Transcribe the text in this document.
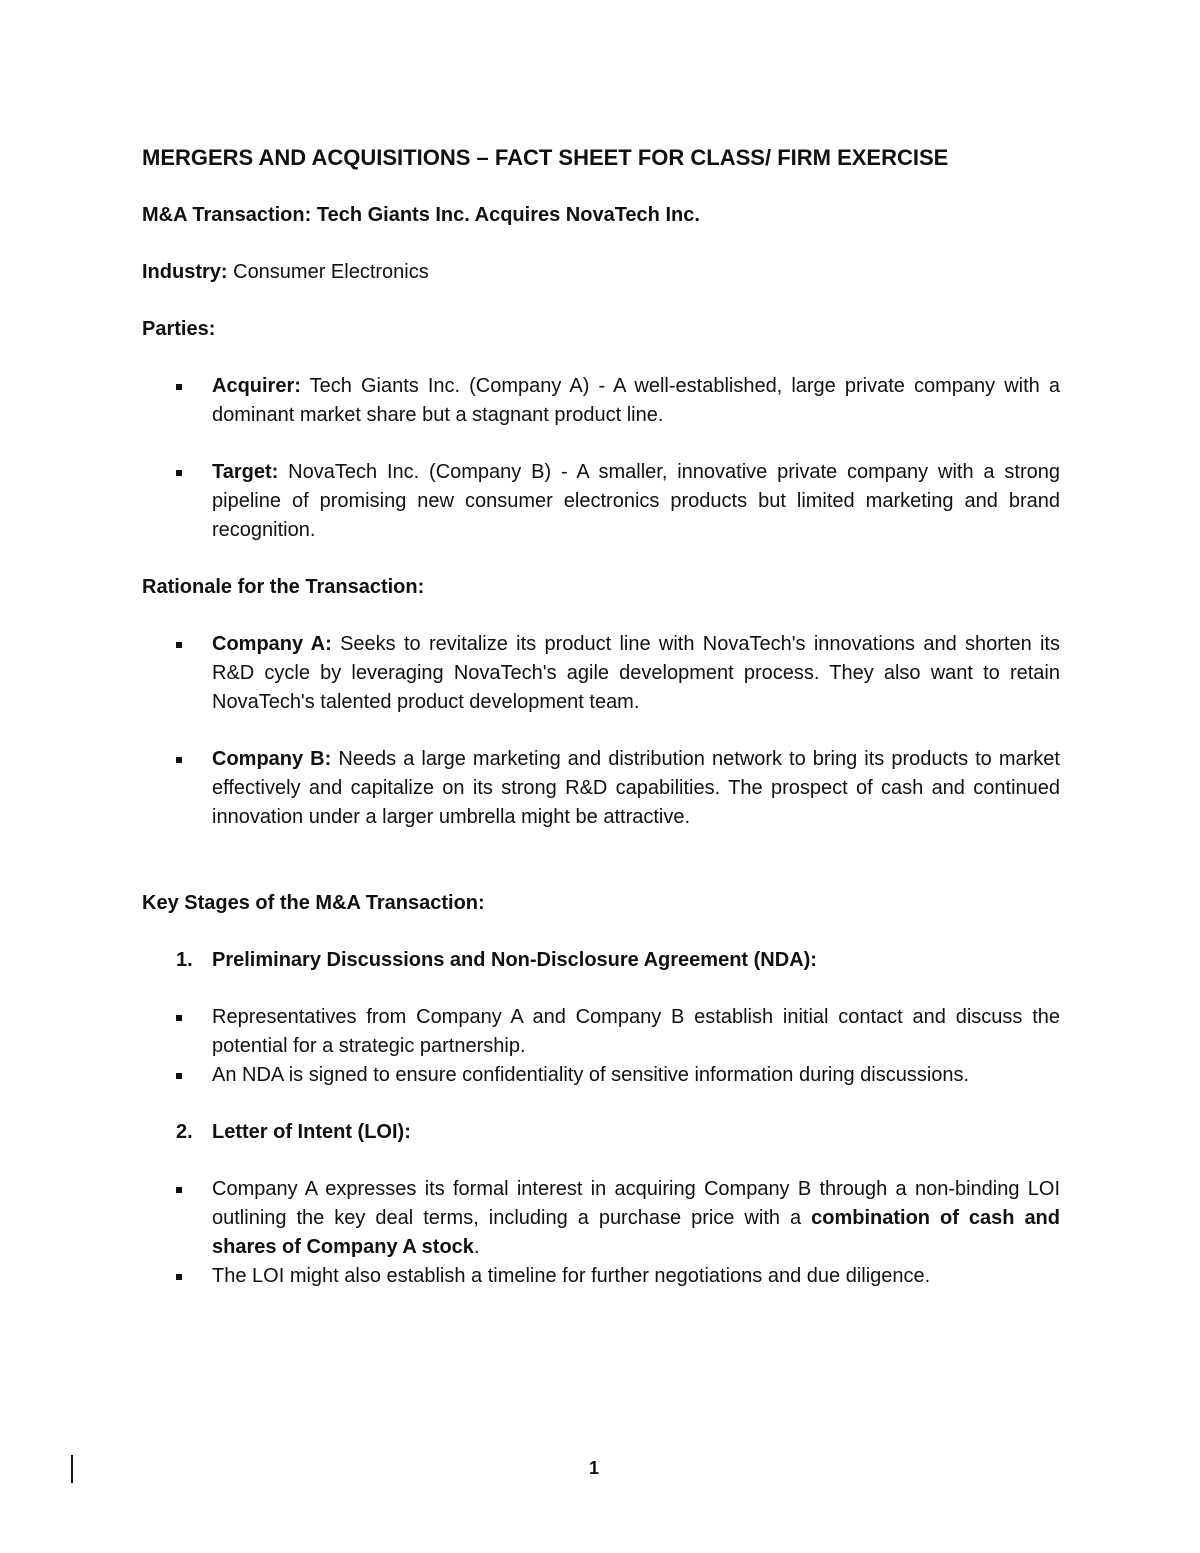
MERGERS AND ACQUISITIONS – FACT SHEET FOR CLASS/ FIRM EXERCISE

M&A Transaction: Tech Giants Inc. Acquires NovaTech Inc.

Industry: Consumer Electronics

Parties:

Acquirer: Tech Giants Inc. (Company A) - A well-established, large private company with a dominant market share but a stagnant product line.
Target: NovaTech Inc. (Company B) - A smaller, innovative private company with a strong pipeline of promising new consumer electronics products but limited marketing and brand recognition.

Rationale for the Transaction:

Company A: Seeks to revitalize its product line with NovaTech's innovations and shorten its R&D cycle by leveraging NovaTech's agile development process. They also want to retain NovaTech's talented product development team.
Company B: Needs a large marketing and distribution network to bring its products to market effectively and capitalize on its strong R&D capabilities. The prospect of cash and continued innovation under a larger umbrella might be attractive.

Key Stages of the M&A Transaction:

1. Preliminary Discussions and Non-Disclosure Agreement (NDA):
Representatives from Company A and Company B establish initial contact and discuss the potential for a strategic partnership.
An NDA is signed to ensure confidentiality of sensitive information during discussions.
2. Letter of Intent (LOI):
Company A expresses its formal interest in acquiring Company B through a non-binding LOI outlining the key deal terms, including a purchase price with a combination of cash and shares of Company A stock.
The LOI might also establish a timeline for further negotiations and due diligence.
1
